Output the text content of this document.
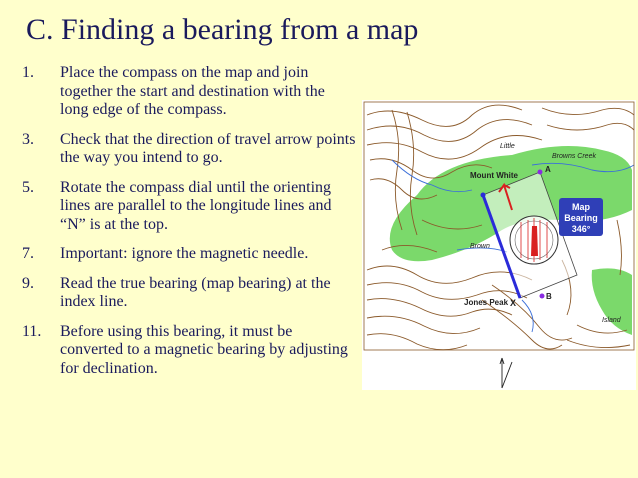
C. Finding a bearing from a map
1.	Place the compass on the map and join together the start and destination with the long edge of the compass.
3.	Check that the direction of travel arrow points the way you intend to go.
5.	Rotate the compass dial until the orienting lines are parallel to the longitude lines and “N” is at the top.
7.	Important: ignore the magnetic needle.
9.	Read the true bearing (map bearing) at the index line.
11.	Before using this bearing, it must be converted to a magnetic bearing by adjusting for declination.
Map
Bearing
346°
Mount White
Jones Peak
Little
Browns Creek
Brown
Island
A
B
X
